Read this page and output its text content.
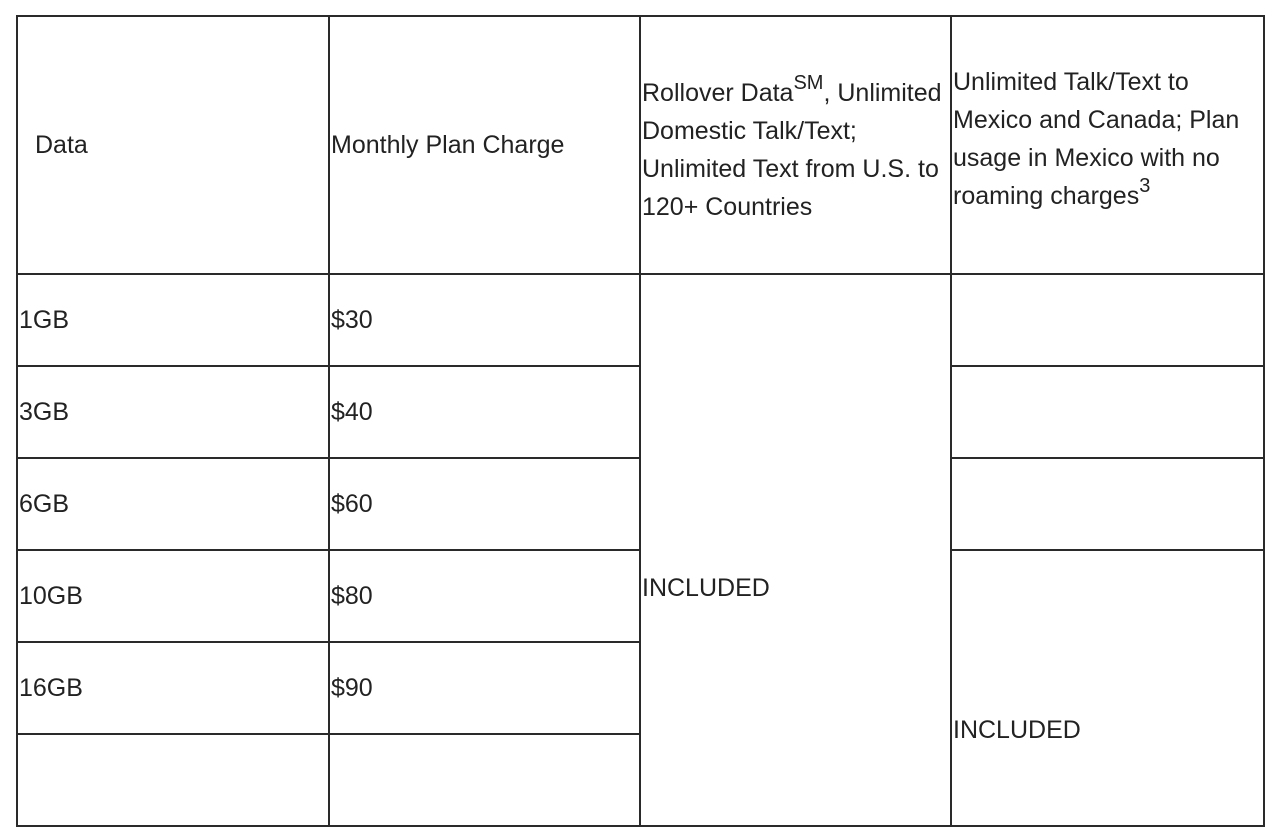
Data	Monthly Plan Charge	Rollover Data℠, Unlimited Domestic Talk/Text; Unlimited Text from U.S. to 120+ Countries	Unlimited Talk/Text to Mexico and Canada; Plan usage in Mexico with no roaming charges$^3$
1GB	$30	INCLUDED	

3GB	$40		
6GB	$60		
10GB	$80		INCLUDED

16GB	$90		
